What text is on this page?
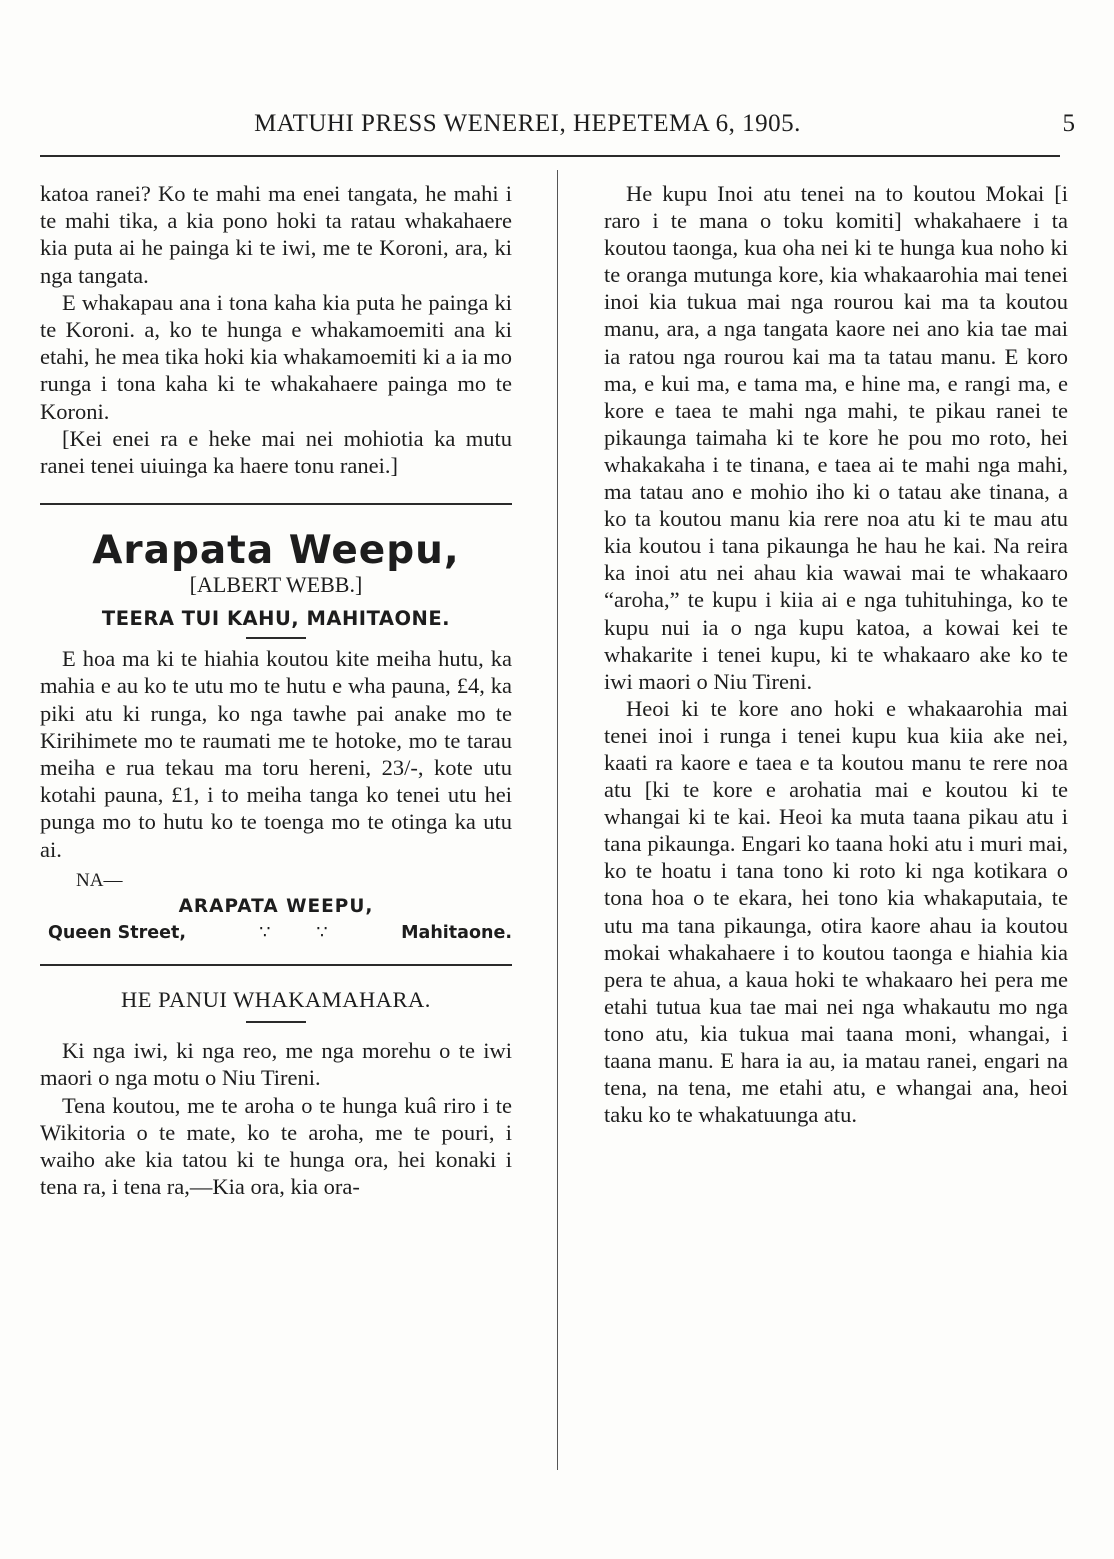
MATUHI PRESS WENEREI, HEPETEMA 6, 1905.	5

katoa ranei? Ko te mahi ma enei tangata, he mahi i te mahi tika, a kia pono hoki ta ratau whakahaere kia puta ai he painga ki te iwi, me te Koroni, ara, ki nga tangata.

E whakapau ana i tona kaha kia puta he painga ki te Koroni. a, ko te hunga e whakamoemiti ana ki etahi, he mea tika hoki kia whakamoemiti ki a ia mo runga i tona kaha ki te whakahaere painga mo te Koroni.

[Kei enei ra e heke mai nei mohiotia ka mutu ranei tenei uiuinga ka haere tonu ranei.]

Arapata Weepu,
[ALBERT WEBB.]
TEERA TUI KAHU, MAHITAONE.

E hoa ma ki te hiahia koutou kite meiha hutu, ka mahia e au ko te utu mo te hutu e wha pauna, £4, ka piki atu ki runga, ko nga tawhe pai anake mo te Kirihimete mo te raumati me te hotoke, mo te tarau meiha e rua tekau ma toru hereni, 23/-, kote utu kotahi pauna, £1, i to meiha tanga ko tenei utu hei punga mo to hutu ko te toenga mo te otinga ka utu ai.

NA—
ARAPATA WEEPU,
Queen Street,	∵ ∵	Mahitaone.
HE PANUI WHAKAMAHARA.

Ki nga iwi, ki nga reo, me nga morehu o te iwi maori o nga motu o Niu Tireni.

Tena koutou, me te aroha o te hunga kuâ riro i te Wikitoria o te mate, ko te aroha, me te pouri, i waiho ake kia tatou ki te hunga ora, hei konaki i tena ra, i tena ra,—Kia ora, kia ora-

He kupu Inoi atu tenei na to koutou Mokai [i raro i te mana o toku komiti] whakahaere i ta koutou taonga, kua oha nei ki te hunga kua noho ki te oranga mutunga kore, kia whakaarohia mai tenei inoi kia tukua mai nga rourou kai ma ta koutou manu, ara, a nga tangata kaore nei ano kia tae mai ia ratou nga rourou kai ma ta tatau manu. E koro ma, e kui ma, e tama ma, e hine ma, e rangi ma, e kore e taea te mahi nga mahi, te pikau ranei te pikaunga taimaha ki te kore he pou mo roto, hei whakakaha i te tinana, e taea ai te mahi nga mahi, ma tatau ano e mohio iho ki o tatau ake tinana, a ko ta koutou manu kia rere noa atu ki te mau atu kia koutou i tana pikaunga he hau he kai. Na reira ka inoi atu nei ahau kia wawai mai te whakaaro “aroha,” te kupu i kiia ai e nga tuhituhinga, ko te kupu nui ia o nga kupu katoa, a kowai kei te whakarite i tenei kupu, ki te whakaaro ake ko te iwi maori o Niu Tireni.

Heoi ki te kore ano hoki e whakaarohia mai tenei inoi i runga i tenei kupu kua kiia ake nei, kaati ra kaore e taea e ta koutou manu te rere noa atu [ki te kore e arohatia mai e koutou ki te whangai ki te kai. Heoi ka muta taana pikau atu i tana pikaunga. Engari ko taana hoki atu i muri mai, ko te hoatu i tana tono ki roto ki nga kotikara o tona hoa o te ekara, hei tono kia whakaputaia, te utu ma tana pikaunga, otira kaore ahau ia koutou mokai whakahaere i to koutou taonga e hiahia kia pera te ahua, a kaua hoki te whakaaro hei pera me etahi tutua kua tae mai nei nga whakautu mo nga tono atu, kia tukua mai taana moni, whangai, i taana manu. E hara ia au, ia matau ranei, engari na tena, na tena, me etahi atu, e whangai ana, heoi taku ko te whakatuunga atu.
